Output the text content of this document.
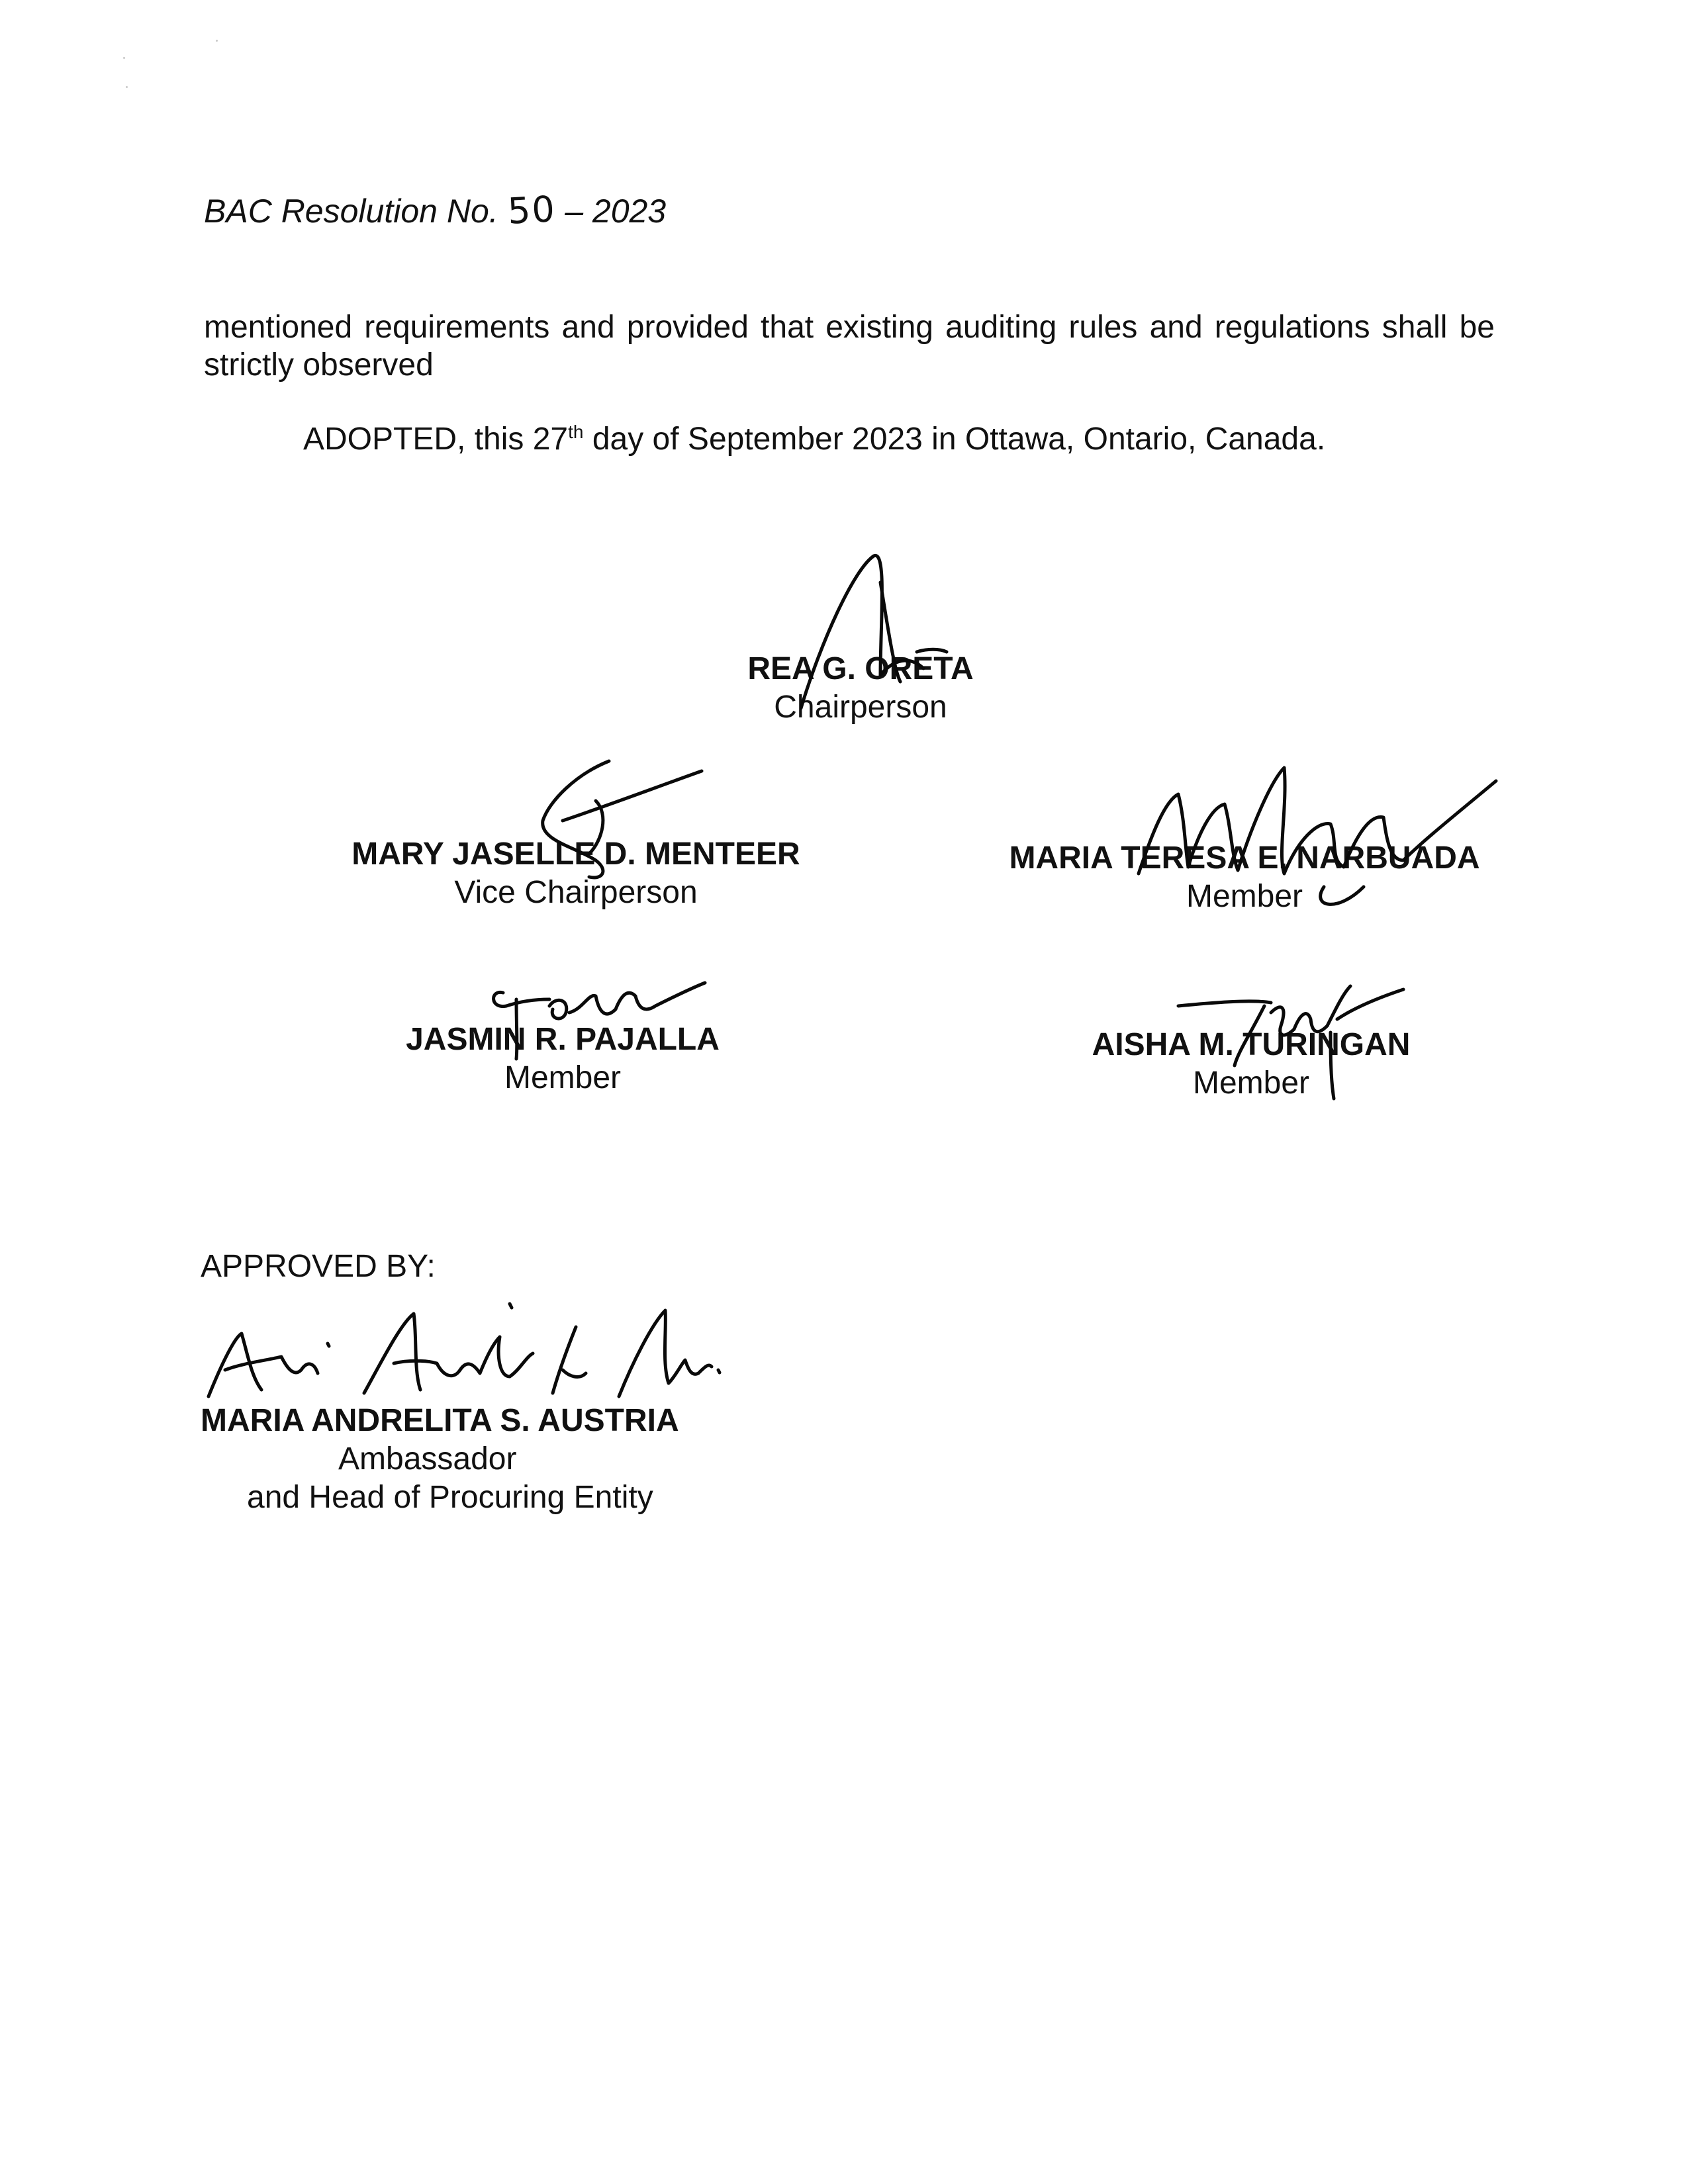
BAC Resolution No. 50 – 2023
mentioned requirements and provided that existing auditing rules and regulations shall be strictly observed
ADOPTED, this 27th day of September 2023 in Ottawa, Ontario, Canada.
REA G. ORETA
Chairperson
MARY JASELLE D. MENTEER
Vice Chairperson
MARIA TERESA E. NARBUADA
Member
JASMIN R. PAJALLA
Member
AISHA M. TURINGAN
Member
APPROVED BY:
MARIA ANDRELITA S. AUSTRIA
Ambassador
and Head of Procuring Entity
